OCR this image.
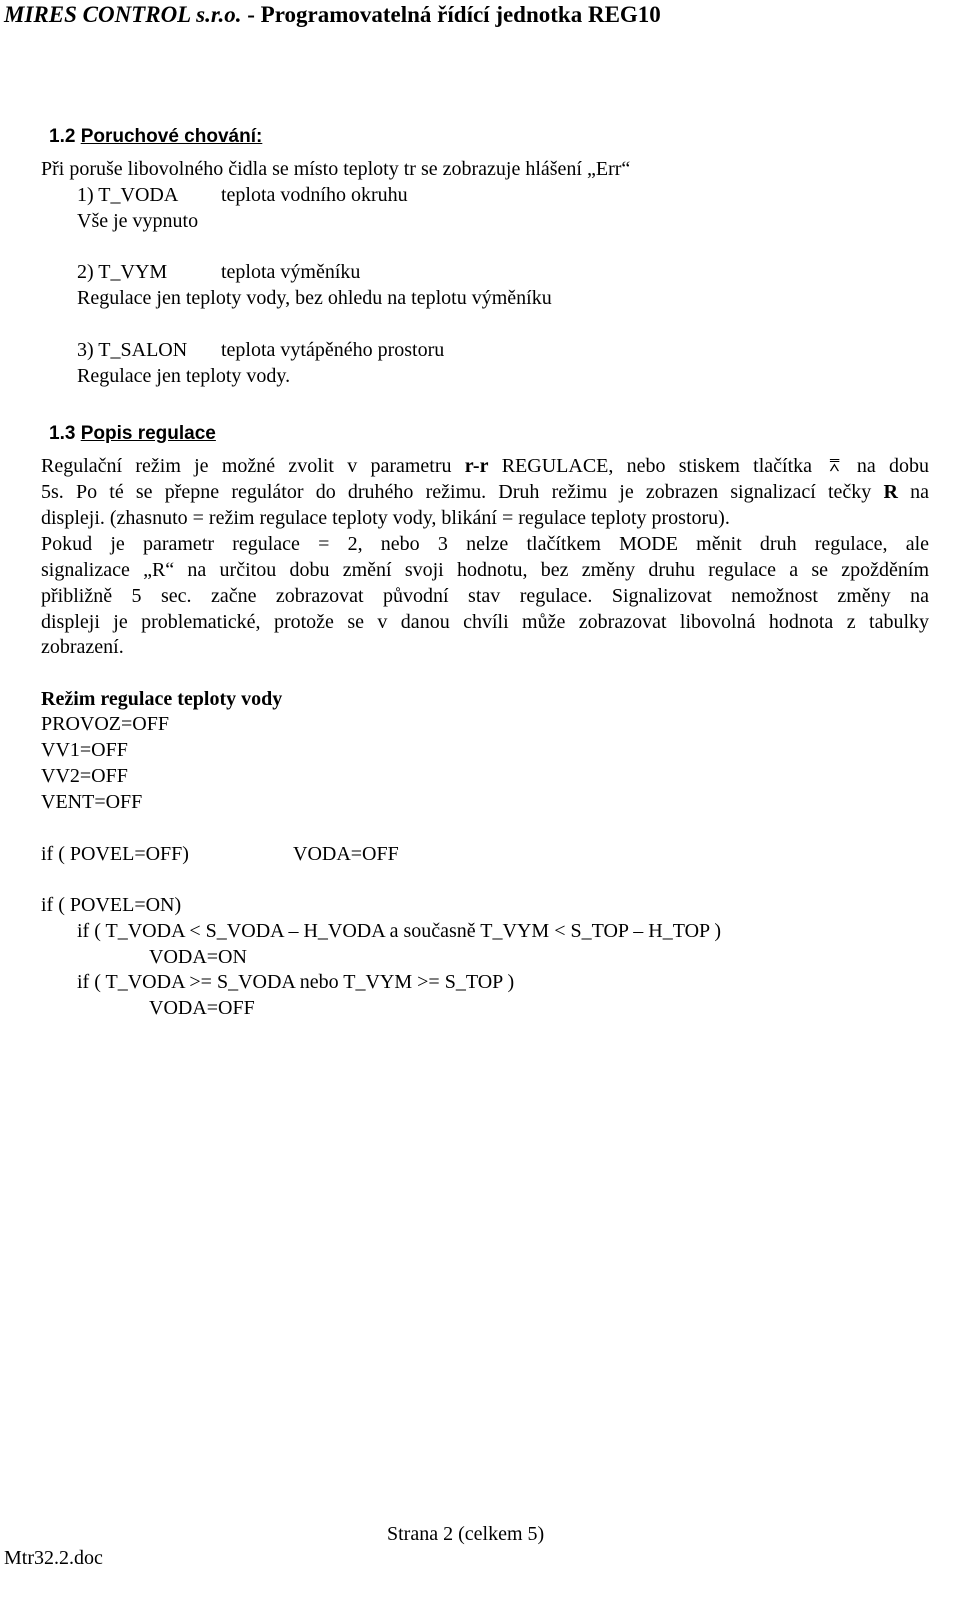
MIRES CONTROL s.r.o. - Programovatelná řídící jednotka REG10
1.2 Poruchové chování:
Při poruše libovolného čidla se místo teploty tr se zobrazuje hlášení „Err“
1) T_VODA teplota vodního okruhu
Vše je vypnuto
2) T_VYM	teplota výměníku
Regulace jen teploty vody, bez ohledu na teplotu výměníku
3) T_SALON teplota vytápěného prostoru
Regulace jen teploty vody.
1.3 Popis regulace
Regulační režim je možné zvolit v parametru r-r REGULACE, nebo stiskem tlačítka ⩞ na dobu
5s. Po té se přepne regulátor do druhého režimu. Druh režimu je zobrazen signalizací tečky R na
displeji. (zhasnuto = režim regulace teploty vody, blikání = regulace teploty prostoru).
Pokud je parametr regulace = 2, nebo 3 nelze tlačítkem MODE měnit druh regulace, ale
signalizace „R“ na určitou dobu změní svoji hodnotu, bez změny druhu regulace a se zpožděním
přibližně 5 sec. začne zobrazovat původní stav regulace. Signalizovat nemožnost změny na
displeji je problematické, protože se v danou chvíli může zobrazovat libovolná hodnota z tabulky
zobrazení.
Režim regulace teploty vody
PROVOZ=OFF
VV1=OFF
VV2=OFF
VENT=OFF
if ( POVEL=OFF)	VODA=OFF
if ( POVEL=ON)
if ( T_VODA < S_VODA – H_VODA a současně T_VYM < S_TOP – H_TOP )
VODA=ON
if ( T_VODA >= S_VODA nebo T_VYM >= S_TOP )
VODA=OFF
Strana 2 (celkem 5)
Mtr32.2.doc
